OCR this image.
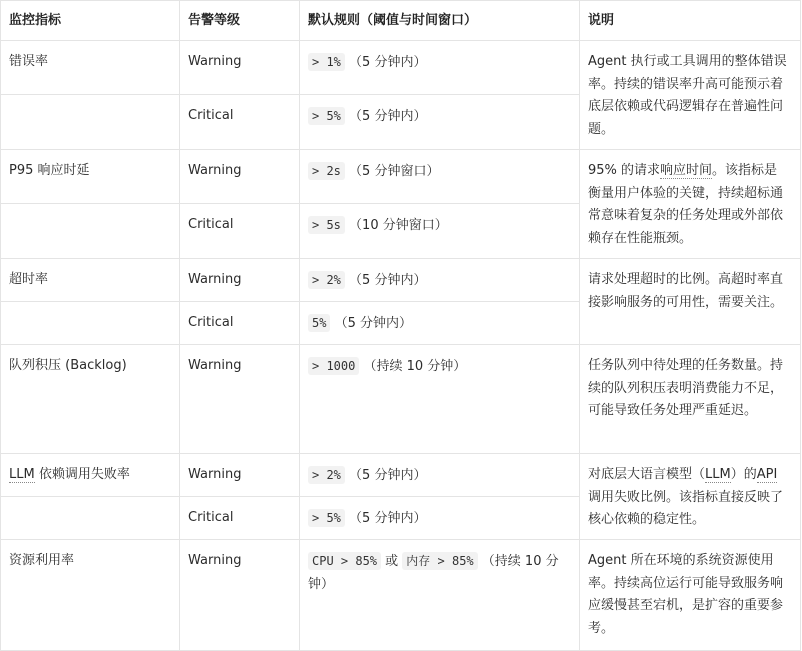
监控指标	告警等级	默认规则（阈值与时间窗口）	说明
错误率	Warning	> 1% （5 分钟内）	Agent 执行或工具调用的整体错误率。持续的错误率升高可能预示着底层依赖或代码逻辑存在普遍性问题。
	Critical	> 5% （5 分钟内）	
P95 响应时延	Warning	> 2s （5 分钟窗口）	95% 的请求响应时间。该指标是衡量用户体验的关键，持续超标通常意味着复杂的任务处理或外部依赖存在性能瓶颈。
	Critical	> 5s （10 分钟窗口）	
超时率	Warning	> 2% （5 分钟内）	请求处理超时的比例。高超时率直接影响服务的可用性，需要关注。
	Critical	5% （5 分钟内）	
队列积压 (Backlog)	Warning	> 1000 （持续 10 分钟）	任务队列中待处理的任务数量。持续的队列积压表明消费能力不足，可能导致任务处理严重延迟。
LLM 依赖调用失败率	Warning	> 2% （5 分钟内）	对底层大语言模型（LLM）的API 调用失败比例。该指标直接反映了核心依赖的稳定性。
	Critical	> 5% （5 分钟内）	
资源利用率	Warning	CPU > 85% 或 内存 > 85% （持续 10 分钟）	Agent 所在环境的系统资源使用率。持续高位运行可能导致服务响应缓慢甚至宕机，是扩容的重要参考。
